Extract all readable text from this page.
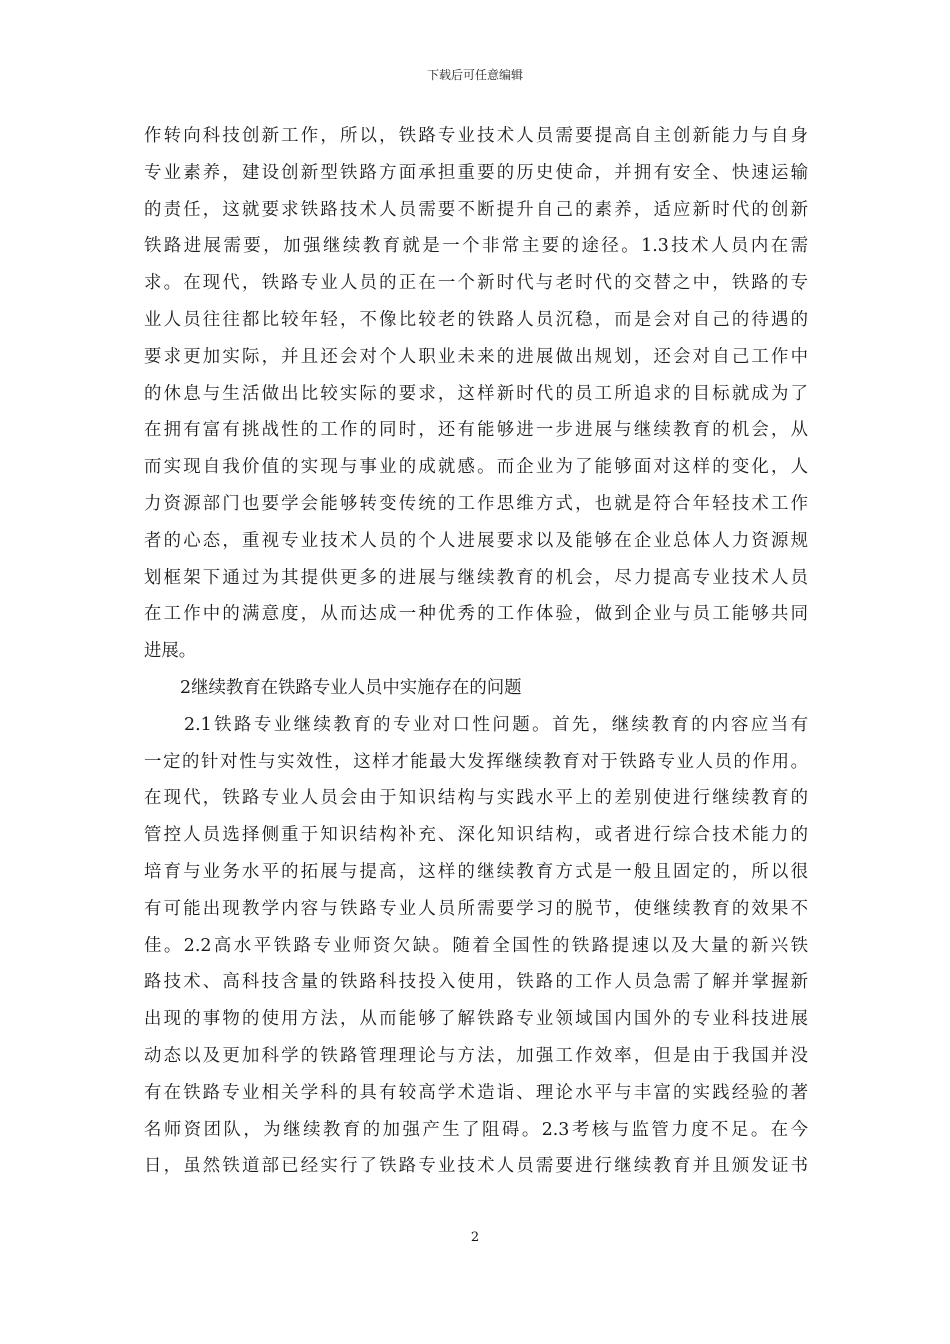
下载后可任意编辑
作转向科技创新工作，所以，铁路专业技术人员需要提高自主创新能力与自身
专业素养，建设创新型铁路方面承担重要的历史使命，并拥有安全、快速运输
的责任，这就要求铁路技术人员需要不断提升自己的素养，适应新时代的创新
铁路进展需要，加强继续教育就是一个非常主要的途径。1.3技术人员内在需
求。在现代，铁路专业人员的正在一个新时代与老时代的交替之中，铁路的专
业人员往往都比较年轻，不像比较老的铁路人员沉稳，而是会对自己的待遇的
要求更加实际，并且还会对个人职业未来的进展做出规划，还会对自己工作中
的休息与生活做出比较实际的要求，这样新时代的员工所追求的目标就成为了
在拥有富有挑战性的工作的同时，还有能够进一步进展与继续教育的机会，从
而实现自我价值的实现与事业的成就感。而企业为了能够面对这样的变化，人
力资源部门也要学会能够转变传统的工作思维方式，也就是符合年轻技术工作
者的心态，重视专业技术人员的个人进展要求以及能够在企业总体人力资源规
划框架下通过为其提供更多的进展与继续教育的机会，尽力提高专业技术人员
在工作中的满意度，从而达成一种优秀的工作体验，做到企业与员工能够共同
进展。
2继续教育在铁路专业人员中实施存在的问题
2.1铁路专业继续教育的专业对口性问题。首先，继续教育的内容应当有
一定的针对性与实效性，这样才能最大发挥继续教育对于铁路专业人员的作用。
在现代，铁路专业人员会由于知识结构与实践水平上的差别使进行继续教育的
管控人员选择侧重于知识结构补充、深化知识结构，或者进行综合技术能力的
培育与业务水平的拓展与提高，这样的继续教育方式是一般且固定的，所以很
有可能出现教学内容与铁路专业人员所需要学习的脱节，使继续教育的效果不
佳。2.2高水平铁路专业师资欠缺。随着全国性的铁路提速以及大量的新兴铁
路技术、高科技含量的铁路科技投入使用，铁路的工作人员急需了解并掌握新
出现的事物的使用方法，从而能够了解铁路专业领域国内国外的专业科技进展
动态以及更加科学的铁路管理理论与方法，加强工作效率，但是由于我国并没
有在铁路专业相关学科的具有较高学术造诣、理论水平与丰富的实践经验的著
名师资团队，为继续教育的加强产生了阻碍。2.3考核与监管力度不足。在今
日，虽然铁道部已经实行了铁路专业技术人员需要进行继续教育并且颁发证书
2
